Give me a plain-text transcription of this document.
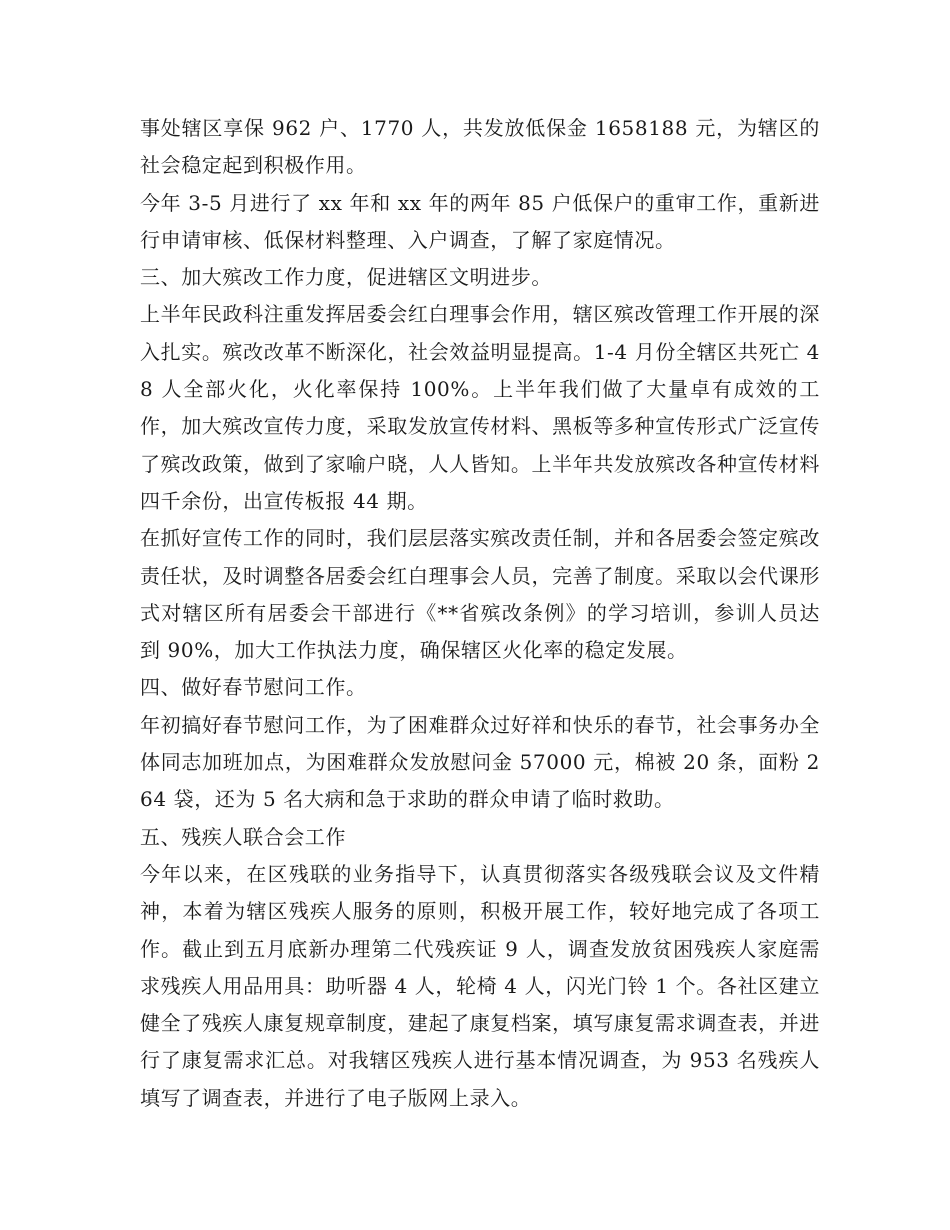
事处辖区享保 962 户、1770 人，共发放低保金 1658188 元，为辖区的社会稳定起到积极作用。

今年 3-5 月进行了 xx 年和 xx 年的两年 85 户低保户的重审工作，重新进行申请审核、低保材料整理、入户调查，了解了家庭情况。

三、加大殡改工作力度，促进辖区文明进步。

上半年民政科注重发挥居委会红白理事会作用，辖区殡改管理工作开展的深入扎实。殡改改革不断深化，社会效益明显提高。1-4 月份全辖区共死亡 48 人全部火化，火化率保持 100%。上半年我们做了大量卓有成效的工作，加大殡改宣传力度，采取发放宣传材料、黑板等多种宣传形式广泛宣传了殡改政策，做到了家喻户晓，人人皆知。上半年共发放殡改各种宣传材料四千余份，出宣传板报 44 期。

在抓好宣传工作的同时，我们层层落实殡改责任制，并和各居委会签定殡改责任状，及时调整各居委会红白理事会人员，完善了制度。采取以会代课形式对辖区所有居委会干部进行《**省殡改条例》的学习培训，参训人员达到 90%，加大工作执法力度，确保辖区火化率的稳定发展。

四、做好春节慰问工作。

年初搞好春节慰问工作，为了困难群众过好祥和快乐的春节，社会事务办全体同志加班加点，为困难群众发放慰问金 57000 元，棉被 20 条，面粉 264 袋，还为 5 名大病和急于求助的群众申请了临时救助。

五、残疾人联合会工作

今年以来，在区残联的业务指导下，认真贯彻落实各级残联会议及文件精神，本着为辖区残疾人服务的原则，积极开展工作，较好地完成了各项工作。截止到五月底新办理第二代残疾证 9 人，调查发放贫困残疾人家庭需求残疾人用品用具：助听器 4 人，轮椅 4 人，闪光门铃 1 个。各社区建立健全了残疾人康复规章制度，建起了康复档案，填写康复需求调查表，并进行了康复需求汇总。对我辖区残疾人进行基本情况调查，为 953 名残疾人填写了调查表，并进行了电子版网上录入。
